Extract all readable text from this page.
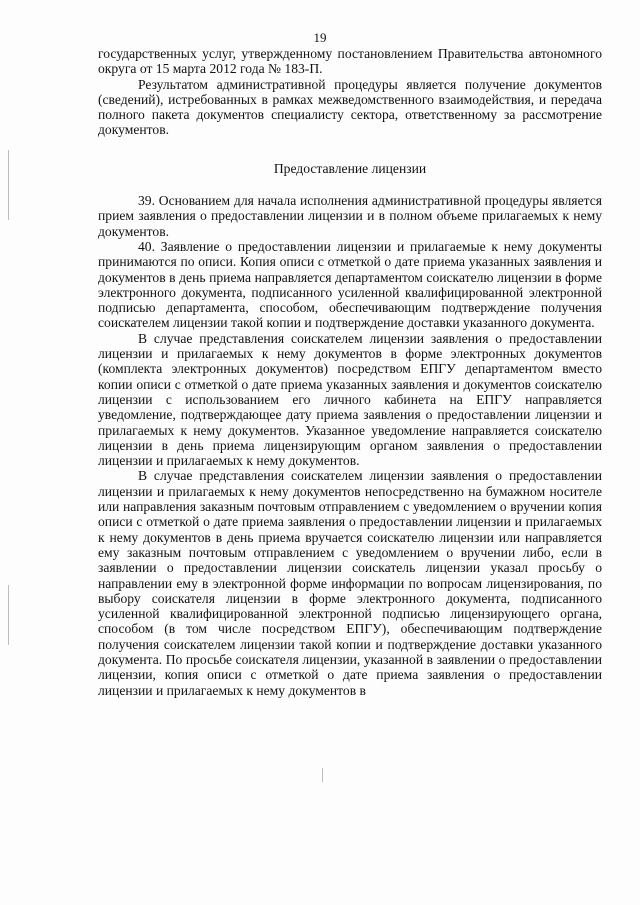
19

государственных услуг, утвержденному постановлением Правительства автономного округа от 15 марта 2012 года № 183-П.

Результатом административной процедуры является получение документов (сведений), истребованных в рамках межведомственного взаимодействия, и передача полного пакета документов специалисту сектора, ответственному за рассмотрение документов.

Предоставление лицензии

39. Основанием для начала исполнения административной процедуры является прием заявления о предоставлении лицензии и в полном объеме прилагаемых к нему документов.

40. Заявление о предоставлении лицензии и прилагаемые к нему документы принимаются по описи. Копия описи с отметкой о дате приема указанных заявления и документов в день приема направляется департаментом соискателю лицензии в форме электронного документа, подписанного усиленной квалифицированной электронной подписью департамента, способом, обеспечивающим подтверждение получения соискателем лицензии такой копии и подтверждение доставки указанного документа.

В случае представления соискателем лицензии заявления о предоставлении лицензии и прилагаемых к нему документов в форме электронных документов (комплекта электронных документов) посредством ЕПГУ департаментом вместо копии описи с отметкой о дате приема указанных заявления и документов соискателю лицензии с использованием его личного кабинета на ЕПГУ направляется уведомление, подтверждающее дату приема заявления о предоставлении лицензии и прилагаемых к нему документов. Указанное уведомление направляется соискателю лицензии в день приема лицензирующим органом заявления о предоставлении лицензии и прилагаемых к нему документов.

В случае представления соискателем лицензии заявления о предоставлении лицензии и прилагаемых к нему документов непосредственно на бумажном носителе или направления заказным почтовым отправлением с уведомлением о вручении копия описи с отметкой о дате приема заявления о предоставлении лицензии и прилагаемых к нему документов в день приема вручается соискателю лицензии или направляется ему заказным почтовым отправлением с уведомлением о вручении либо, если в заявлении о предоставлении лицензии соискатель лицензии указал просьбу о направлении ему в электронной форме информации по вопросам лицензирования, по выбору соискателя лицензии в форме электронного документа, подписанного усиленной квалифицированной электронной подписью лицензирующего органа, способом (в том числе посредством ЕПГУ), обеспечивающим подтверждение получения соискателем лицензии такой копии и подтверждение доставки указанного документа. По просьбе соискателя лицензии, указанной в заявлении о предоставлении лицензии, копия описи с отметкой о дате приема заявления о предоставлении лицензии и прилагаемых к нему документов в
